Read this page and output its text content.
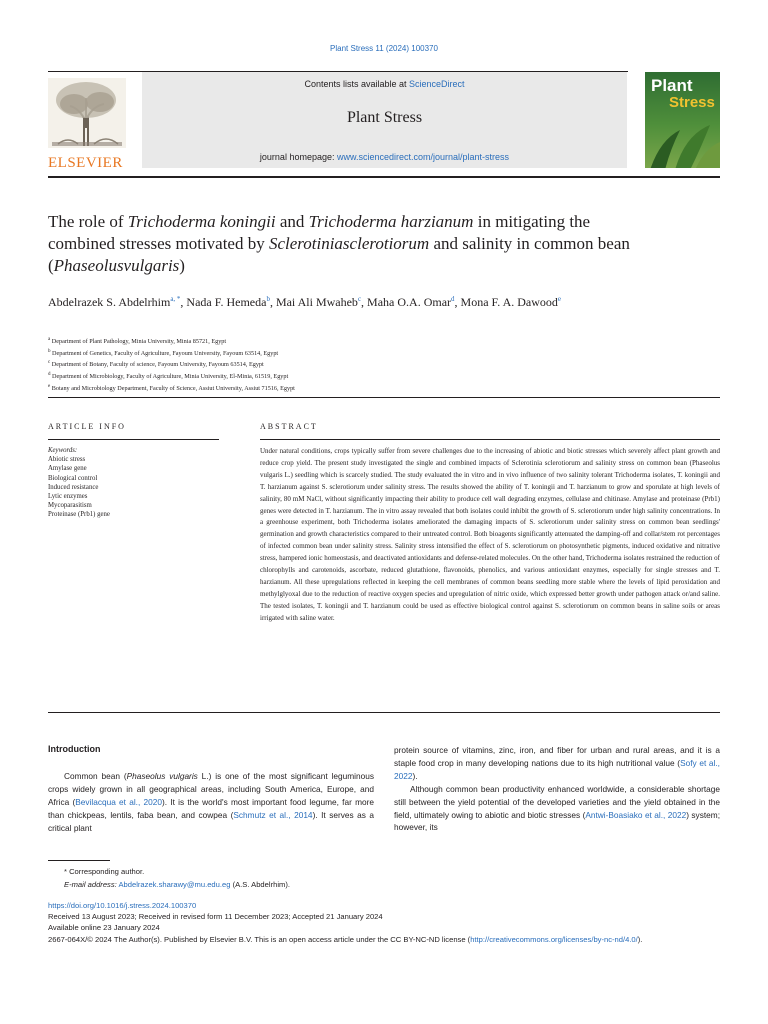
Plant Stress 11 (2024) 100370
ELSEVIER
Contents lists available at ScienceDirect
Plant Stress
journal homepage: www.sciencedirect.com/journal/plant-stress
Plant
Stress
The role of Trichoderma koningii and Trichoderma harzianum in mitigating the combined stresses motivated by Sclerotiniasclerotiorum and salinity in common bean (Phaseolusvulgaris)
Abdelrazek S. Abdelrhim$^{a, *}$, Nada F. Hemeda$^b$, Mai Ali Mwaheb$^c$, Maha O.A. Omar$^d$, Mona F. A. Dawood$^e$
$^a$ Department of Plant Pathology, Minia University, Minia 85721, Egypt
$^b$ Department of Genetics, Faculty of Agriculture, Fayoum University, Fayoum 63514, Egypt
$^c$ Department of Botany, Faculty of science, Fayoum University, Fayoum 63514, Egypt
$^d$ Department of Microbiology, Faculty of Agriculture, Minia University, El-Minia, 61519, Egypt
$^e$ Botany and Microbiology Department, Faculty of Science, Assiut University, Assiut 71516, Egypt
ARTICLE INFO
Keywords:
Abiotic stress
Amylase gene
Biological control
Induced resistance
Lytic enzymes
Mycoparasitism
Proteinase (Prb1) gene
ABSTRACT
Under natural conditions, crops typically suffer from severe challenges due to the increasing of abiotic and biotic stresses which severely affect plant growth and reduce crop yield. The present study investigated the single and combined impacts of Sclerotinia sclerotiorum and salinity stress on common bean (Phaseolus vulgaris L.) seedling which is scarcely studied. The study evaluated the in vitro and in vivo influence of two salinity tolerant Trichoderma isolates, T. koningii and T. harzianum against S. sclerotiorum under salinity stress. The results showed the ability of T. koningii and T. harzianum to grow and sporulate at high levels of salinity, 80 mM NaCl, without significantly impacting their ability to produce cell wall degrading enzymes, cellulase and chitinase. Amylase and proteinase (Prb1) genes were detected in T. harzianum. The in vitro assay revealed that both isolates could inhibit the growth of S. sclerotiorum under high salinity concentrations. In a greenhouse experiment, both Trichoderma isolates ameliorated the damaging impacts of S. sclerotiorum under salinity stress on common bean seedlings' germination and growth characteristics compared to their untreated control. Both bioagents significantly attenuated the damping-off and collar/stem rot percentages of infected common bean under salinity stress. Salinity stress intensified the effect of S. sclerotiorum on photosynthetic pigments, induced oxidative and nitrative stress, hampered ionic homeostasis, and deactivated antioxidants and defense-related molecules. On the other hand, Trichoderma isolates restrained the reduction of chlorophylls and carotenoids, ascorbate, reduced glutathione, flavonoids, phenolics, and various antioxidant enzymes, especially for single stresses and T. harzianum. All these upregulations reflected in keeping the cell membranes of common beans seedling more stable where the levels of lipid peroxidation and methylglyoxal due to the reduction of reactive oxygen species and upregulation of nitric oxide, which expressed better growth under pathogen attack or/and saline. The tested isolates, T. koningii and T. harzianum could be used as effective biological control against S. sclerotiorum on common beans in saline soils or areas irrigated with saline water.
Introduction
Common bean (Phaseolus vulgaris L.) is one of the most significant leguminous crops widely grown in all geographical areas, including South America, Europe, and Africa (Bevilacqua et al., 2020). It is the world's most important food legume, far more than chickpeas, lentils, faba bean, and cowpea (Schmutz et al., 2014). It serves as a critical plant
protein source of vitamins, zinc, iron, and fiber for urban and rural areas, and it is a staple food crop in many developing nations due to its high nutritional value (Sofy et al., 2022).
Although common bean productivity enhanced worldwide, a considerable shortage still between the yield potential of the developed varieties and the yield obtained in the field, ultimately owing to abiotic and biotic stresses (Antwi-Boasiako et al., 2022) system; however, its
* Corresponding author.
E-mail address: Abdelrazek.sharawy@mu.edu.eg (A.S. Abdelrhim).
https://doi.org/10.1016/j.stress.2024.100370
Received 13 August 2023; Received in revised form 11 December 2023; Accepted 21 January 2024
Available online 23 January 2024
2667-064X/© 2024 The Author(s). Published by Elsevier B.V. This is an open access article under the CC BY-NC-ND license (http://creativecommons.org/licenses/by-nc-nd/4.0/).
